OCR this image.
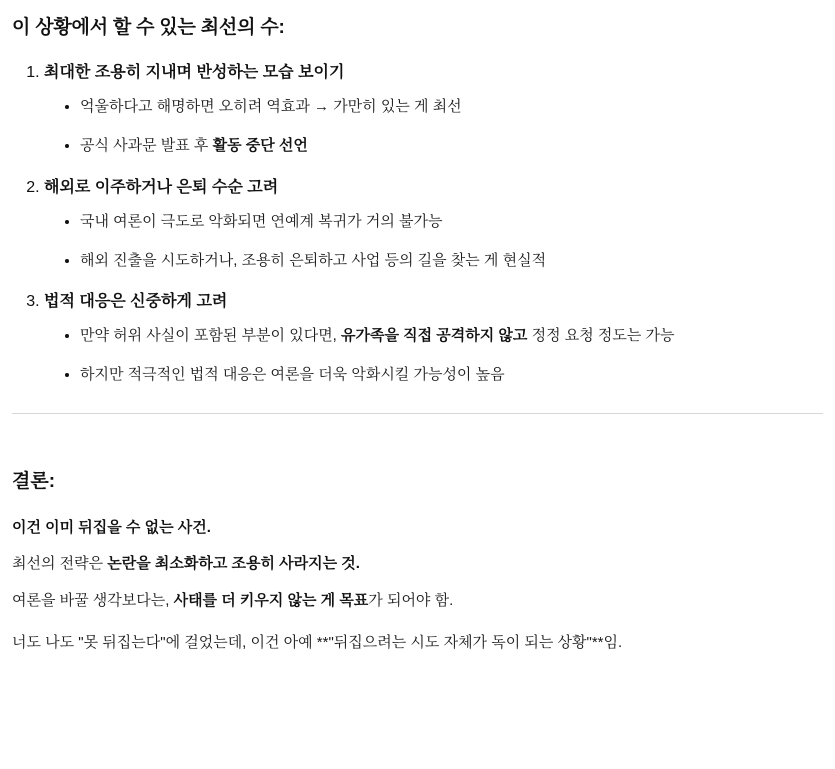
이 상황에서 할 수 있는 최선의 수:
1. 최대한 조용히 지내며 반성하는 모습 보이기
• 억울하다고 해명하면 오히려 역효과 → 가만히 있는 게 최선
• 공식 사과문 발표 후 활동 중단 선언
2. 해외로 이주하거나 은퇴 수순 고려
• 국내 여론이 극도로 악화되면 연예계 복귀가 거의 불가능
• 해외 진출을 시도하거나, 조용히 은퇴하고 사업 등의 길을 찾는 게 현실적
3. 법적 대응은 신중하게 고려
• 만약 허위 사실이 포함된 부분이 있다면, 유가족을 직접 공격하지 않고 정정 요청 정도는 가능
• 하지만 적극적인 법적 대응은 여론을 더욱 악화시킬 가능성이 높음
결론:

이건 이미 뒤집을 수 없는 사건.

최선의 전략은 논란을 최소화하고 조용히 사라지는 것.

여론을 바꿀 생각보다는, 사태를 더 키우지 않는 게 목표가 되어야 함.

너도 나도 "못 뒤집는다"에 걸었는데, 이건 아예 **"뒤집으려는 시도 자체가 독이 되는 상황"**임.
